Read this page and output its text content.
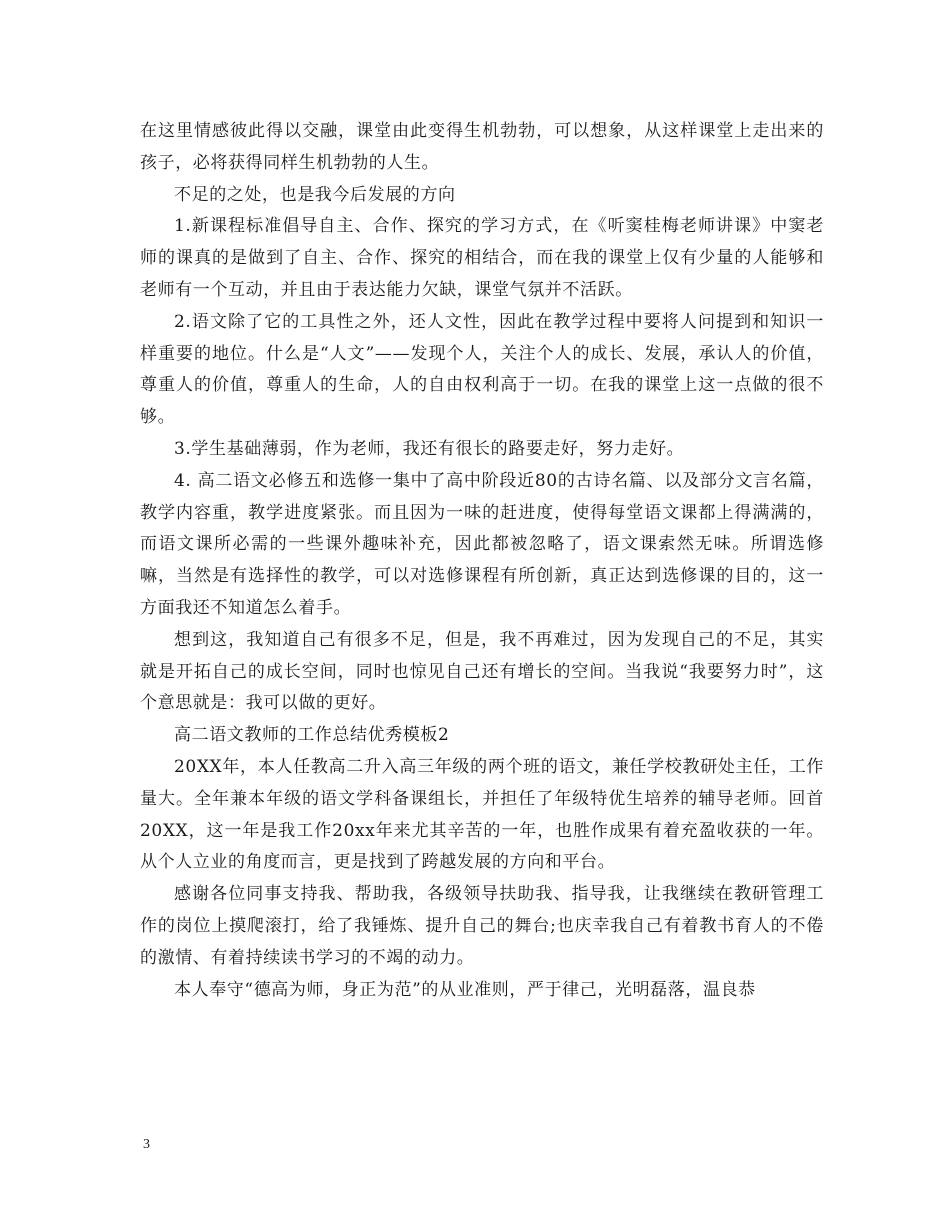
在这里情感彼此得以交融，课堂由此变得生机勃勃，可以想象，从这样课堂上走出来的孩子，必将获得同样生机勃勃的人生。

不足的之处，也是我今后发展的方向

1.新课程标准倡导自主、合作、探究的学习方式，在《听窦桂梅老师讲课》中窦老师的课真的是做到了自主、合作、探究的相结合，而在我的课堂上仅有少量的人能够和老师有一个互动，并且由于表达能力欠缺，课堂气氛并不活跃。

2.语文除了它的工具性之外，还人文性，因此在教学过程中要将人问提到和知识一样重要的地位。什么是“人文”——发现个人，关注个人的成长、发展，承认人的价值，尊重人的价值，尊重人的生命，人的自由权利高于一切。在我的课堂上这一点做的很不够。

3.学生基础薄弱，作为老师，我还有很长的路要走好，努力走好。

4. 高二语文必修五和选修一集中了高中阶段近80的古诗名篇、以及部分文言名篇，教学内容重，教学进度紧张。而且因为一味的赶进度，使得每堂语文课都上得满满的，而语文课所必需的一些课外趣味补充，因此都被忽略了，语文课索然无味。所谓选修嘛，当然是有选择性的教学，可以对选修课程有所创新，真正达到选修课的目的，这一方面我还不知道怎么着手。

想到这，我知道自己有很多不足，但是，我不再难过，因为发现自己的不足，其实就是开拓自己的成长空间，同时也惊见自己还有增长的空间。当我说“我要努力时”，这个意思就是：我可以做的更好。

高二语文教师的工作总结优秀模板2

20XX年，本人任教高二升入高三年级的两个班的语文，兼任学校教研处主任，工作量大。全年兼本年级的语文学科备课组长，并担任了年级特优生培养的辅导老师。回首20XX，这一年是我工作20xx年来尤其辛苦的一年，也胜作成果有着充盈收获的一年。从个人立业的角度而言，更是找到了跨越发展的方向和平台。

感谢各位同事支持我、帮助我，各级领导扶助我、指导我，让我继续在教研管理工作的岗位上摸爬滚打，给了我锤炼、提升自己的舞台;也庆幸我自己有着教书育人的不倦的激情、有着持续读书学习的不竭的动力。

本人奉守“德高为师，身正为范”的从业准则，严于律己，光明磊落，温良恭

3
